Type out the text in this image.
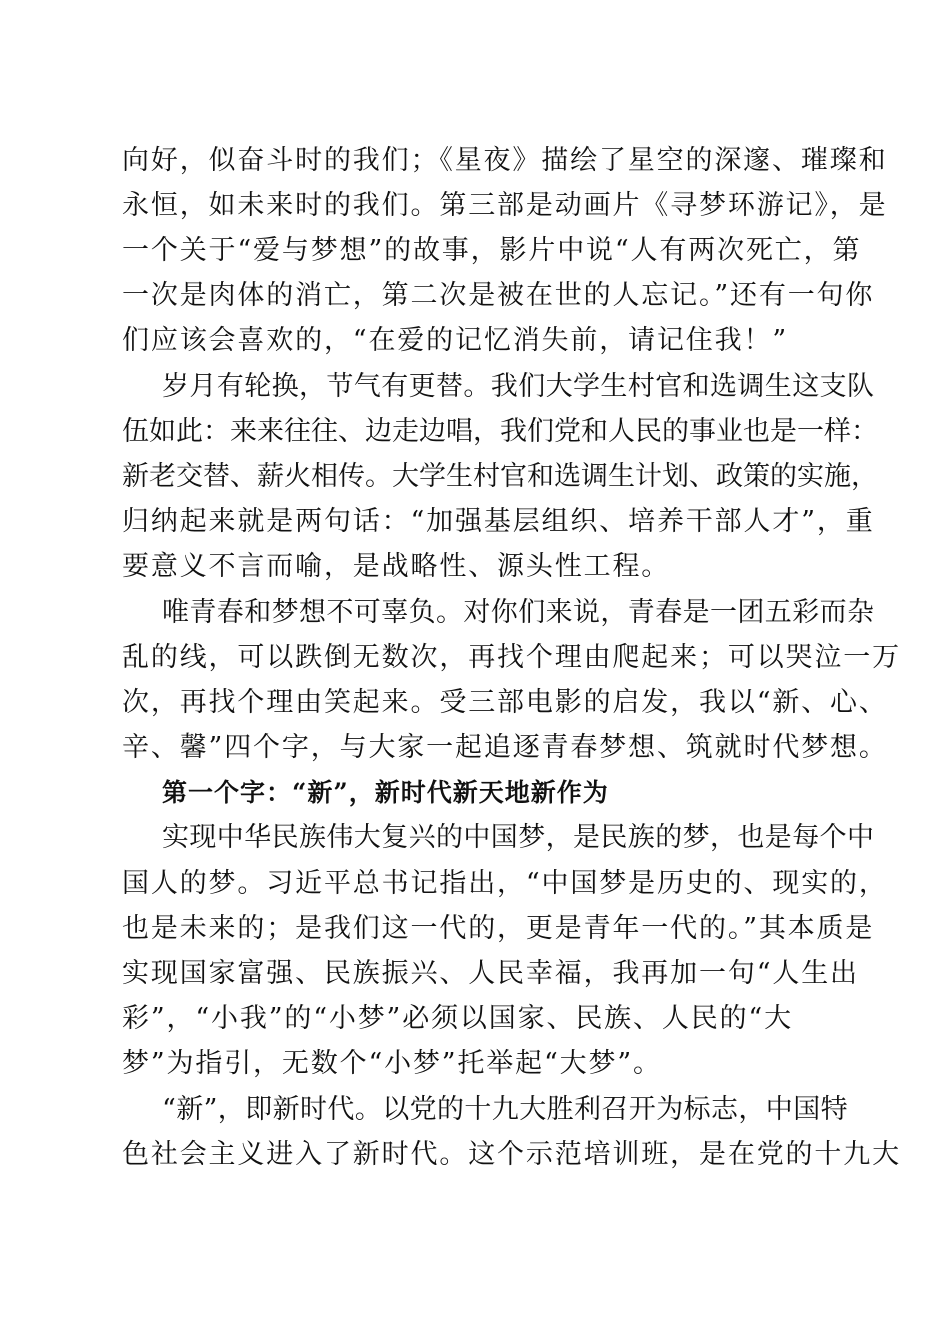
向好，似奋斗时的我们；《星夜》描绘了星空的深邃、璀璨和
永恒，如未来时的我们。第三部是动画片《寻梦环游记》，是
一个关于“爱与梦想”的故事，影片中说“人有两次死亡，第
一次是肉体的消亡，第二次是被在世的人忘记。”还有一句你
们应该会喜欢的，“在爱的记忆消失前，请记住我！”
岁月有轮换，节气有更替。我们大学生村官和选调生这支队
伍如此：来来往往、边走边唱，我们党和人民的事业也是一样：
新老交替、薪火相传。大学生村官和选调生计划、政策的实施，
归纳起来就是两句话：“加强基层组织、培养干部人才”，重
要意义不言而喻，是战略性、源头性工程。
唯青春和梦想不可辜负。对你们来说，青春是一团五彩而杂
乱的线，可以跌倒无数次，再找个理由爬起来；可以哭泣一万
次，再找个理由笑起来。受三部电影的启发，我以“新、心、
辛、馨”四个字，与大家一起追逐青春梦想、筑就时代梦想。
第一个字：“新”，新时代新天地新作为
实现中华民族伟大复兴的中国梦，是民族的梦，也是每个中
国人的梦。习近平总书记指出，“中国梦是历史的、现实的，
也是未来的；是我们这一代的，更是青年一代的。”其本质是
实现国家富强、民族振兴、人民幸福，我再加一句“人生出
彩”，“小我”的“小梦”必须以国家、民族、人民的“大
梦”为指引，无数个“小梦”托举起“大梦”。
“新”，即新时代。以党的十九大胜利召开为标志，中国特
色社会主义进入了新时代。这个示范培训班，是在党的十九大
